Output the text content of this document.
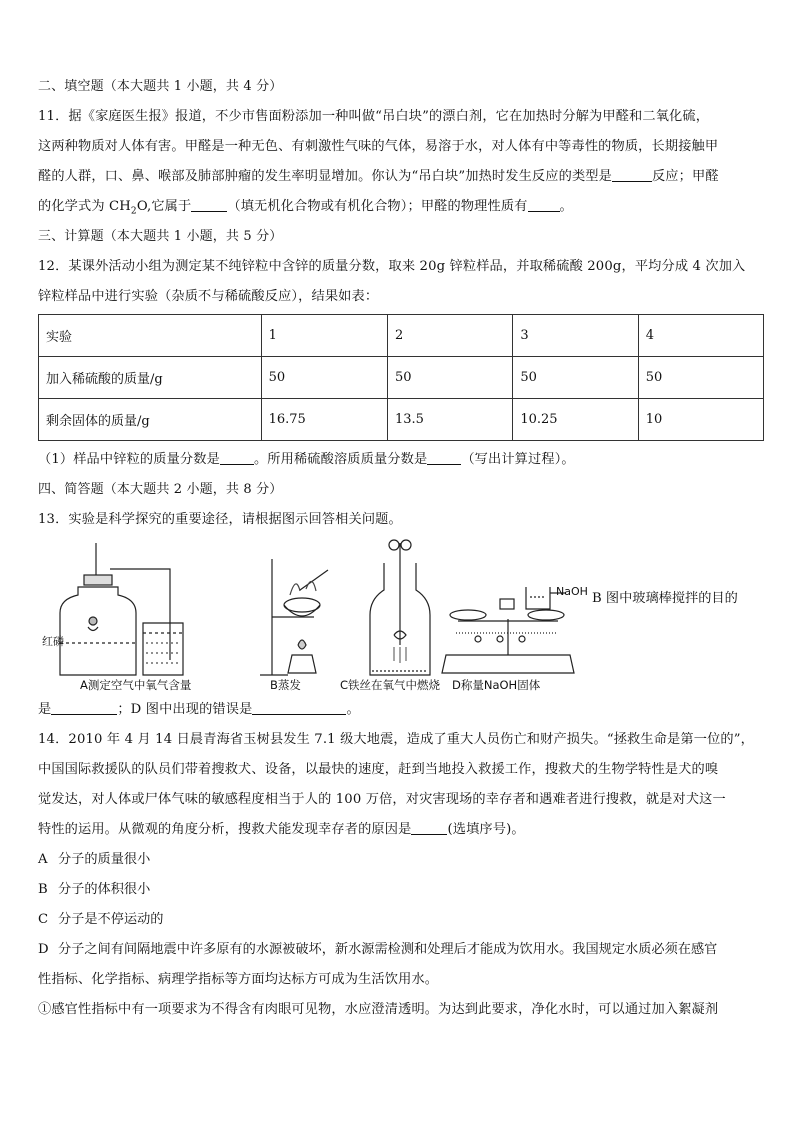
二、填空题（本大题共 1 小题，共 4 分）
11．据《家庭医生报》报道，不少市售面粉添加一种叫做“吊白块”的漂白剂，它在加热时分解为甲醛和二氧化硫，
这两种物质对人体有害。甲醛是一种无色、有刺激性气味的气体，易溶于水，对人体有中等毒性的物质，长期接触甲
醛的人群，口、鼻、喉部及肺部肿瘤的发生率明显增加。你认为“吊白块”加热时发生反应的类型是	反应；甲醛
的化学式为 $CH_2O$,它属于	（填无机化合物或有机化合物）；甲醛的物理性质有 。
三、计算题（本大题共 1 小题，共 5 分）
12．某课外活动小组为测定某不纯锌粒中含锌的质量分数，取来 20g 锌粒样品，并取稀硫酸 200g，平均分成 4 次加入
锌粒样品中进行实验（杂质不与稀硫酸反应），结果如表：
实验	1	2	3	4
加入稀硫酸的质量/g	50	50	50	50
剩余固体的质量/g	16.75	13.5	10.25	10
（1）样品中锌粒的质量分数是	。所用稀硫酸溶质质量分数是	（写出计算过程）。
四、简答题（本大题共 2 小题，共 8 分）
13．实验是科学探究的重要途径，请根据图示回答相关问题。
红磷
NaOH
A测定空气中氧气含量	B蒸发	C铁丝在氧气中燃烧 D称量NaOH固体
B 图中玻璃棒搅拌的目的
是	；D 图中出现的错误是	。
14．2010 年 4 月 14 日晨青海省玉树县发生 7.1 级大地震，造成了重大人员伤亡和财产损失。“拯救生命是第一位的”，
中国国际救援队的队员们带着搜救犬、设备，以最快的速度，赶到当地投入救援工作，搜救犬的生物学特性是犬的嗅
觉发达，对人体或尸体气味的敏感程度相当于人的 100 万倍，对灾害现场的幸存者和遇难者进行搜救，就是对犬这一
特性的运用。从微观的角度分析，搜救犬能发现幸存者的原因是	(选填序号)。
A 分子的质量很小
B 分子的体积很小
C 分子是不停运动的
D 分子之间有间隔地震中许多原有的水源被破坏，新水源需检测和处理后才能成为饮用水。我国规定水质必须在感官
性指标、化学指标、病理学指标等方面均达标方可成为生活饮用水。
①感官性指标中有一项要求为不得含有肉眼可见物，水应澄清透明。为达到此要求，净化水时，可以通过加入絮凝剂
